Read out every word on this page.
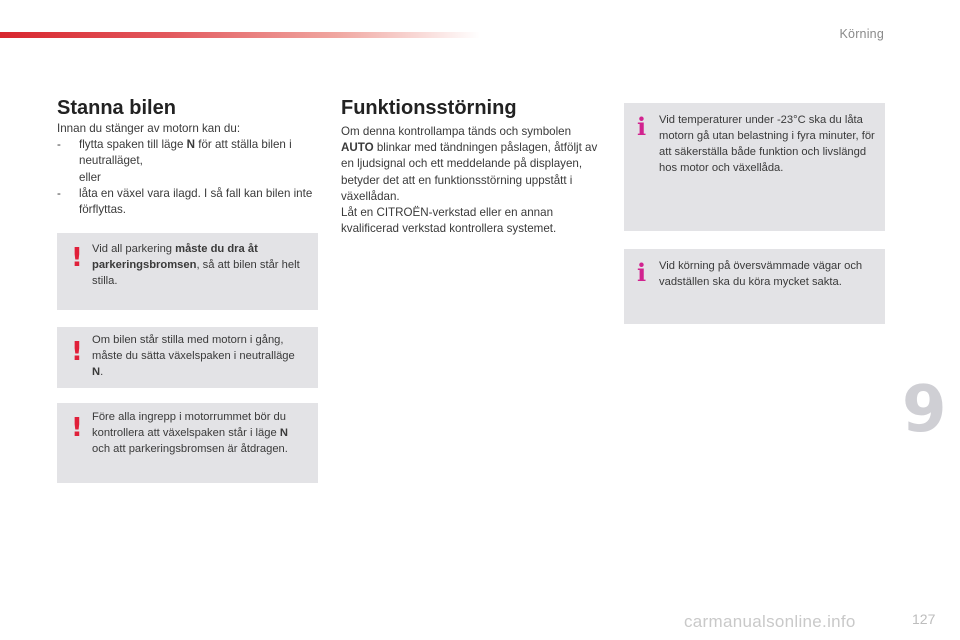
Körning
Stanna bilen

Innan du stänger av motorn kan du:

- flytta spaken till läge N för att ställa bilen i neutralläget,
eller
- låta en växel vara ilagd. I så fall kan bilen inte förflyttas.
! Vid all parkering måste du dra åt parkeringsbromsen, så att bilen står helt stilla.
! Om bilen står stilla med motorn i gång, måste du sätta växelspaken i neutralläge N.
! Före alla ingrepp i motorrummet bör du kontrollera att växelspaken står i läge N och att parkeringsbromsen är åtdragen.
Funktionsstörning

Om denna kontrollampa tänds och symbolen AUTO blinkar med tändningen påslagen, åtföljt av en ljudsignal och ett meddelande på displayen, betyder det att en funktionsstörning uppstått i växellådan.

Låt en CITROËN-verkstad eller en annan kvalificerad verkstad kontrollera systemet.

i Vid temperaturer under -23°C ska du låta motorn gå utan belastning i fyra minuter, för att säkerställa både funktion och livslängd hos motor och växellåda.
i Vid körning på översvämmade vägar och vadställen ska du köra mycket sakta.
9
carmanualsonline.info	127
